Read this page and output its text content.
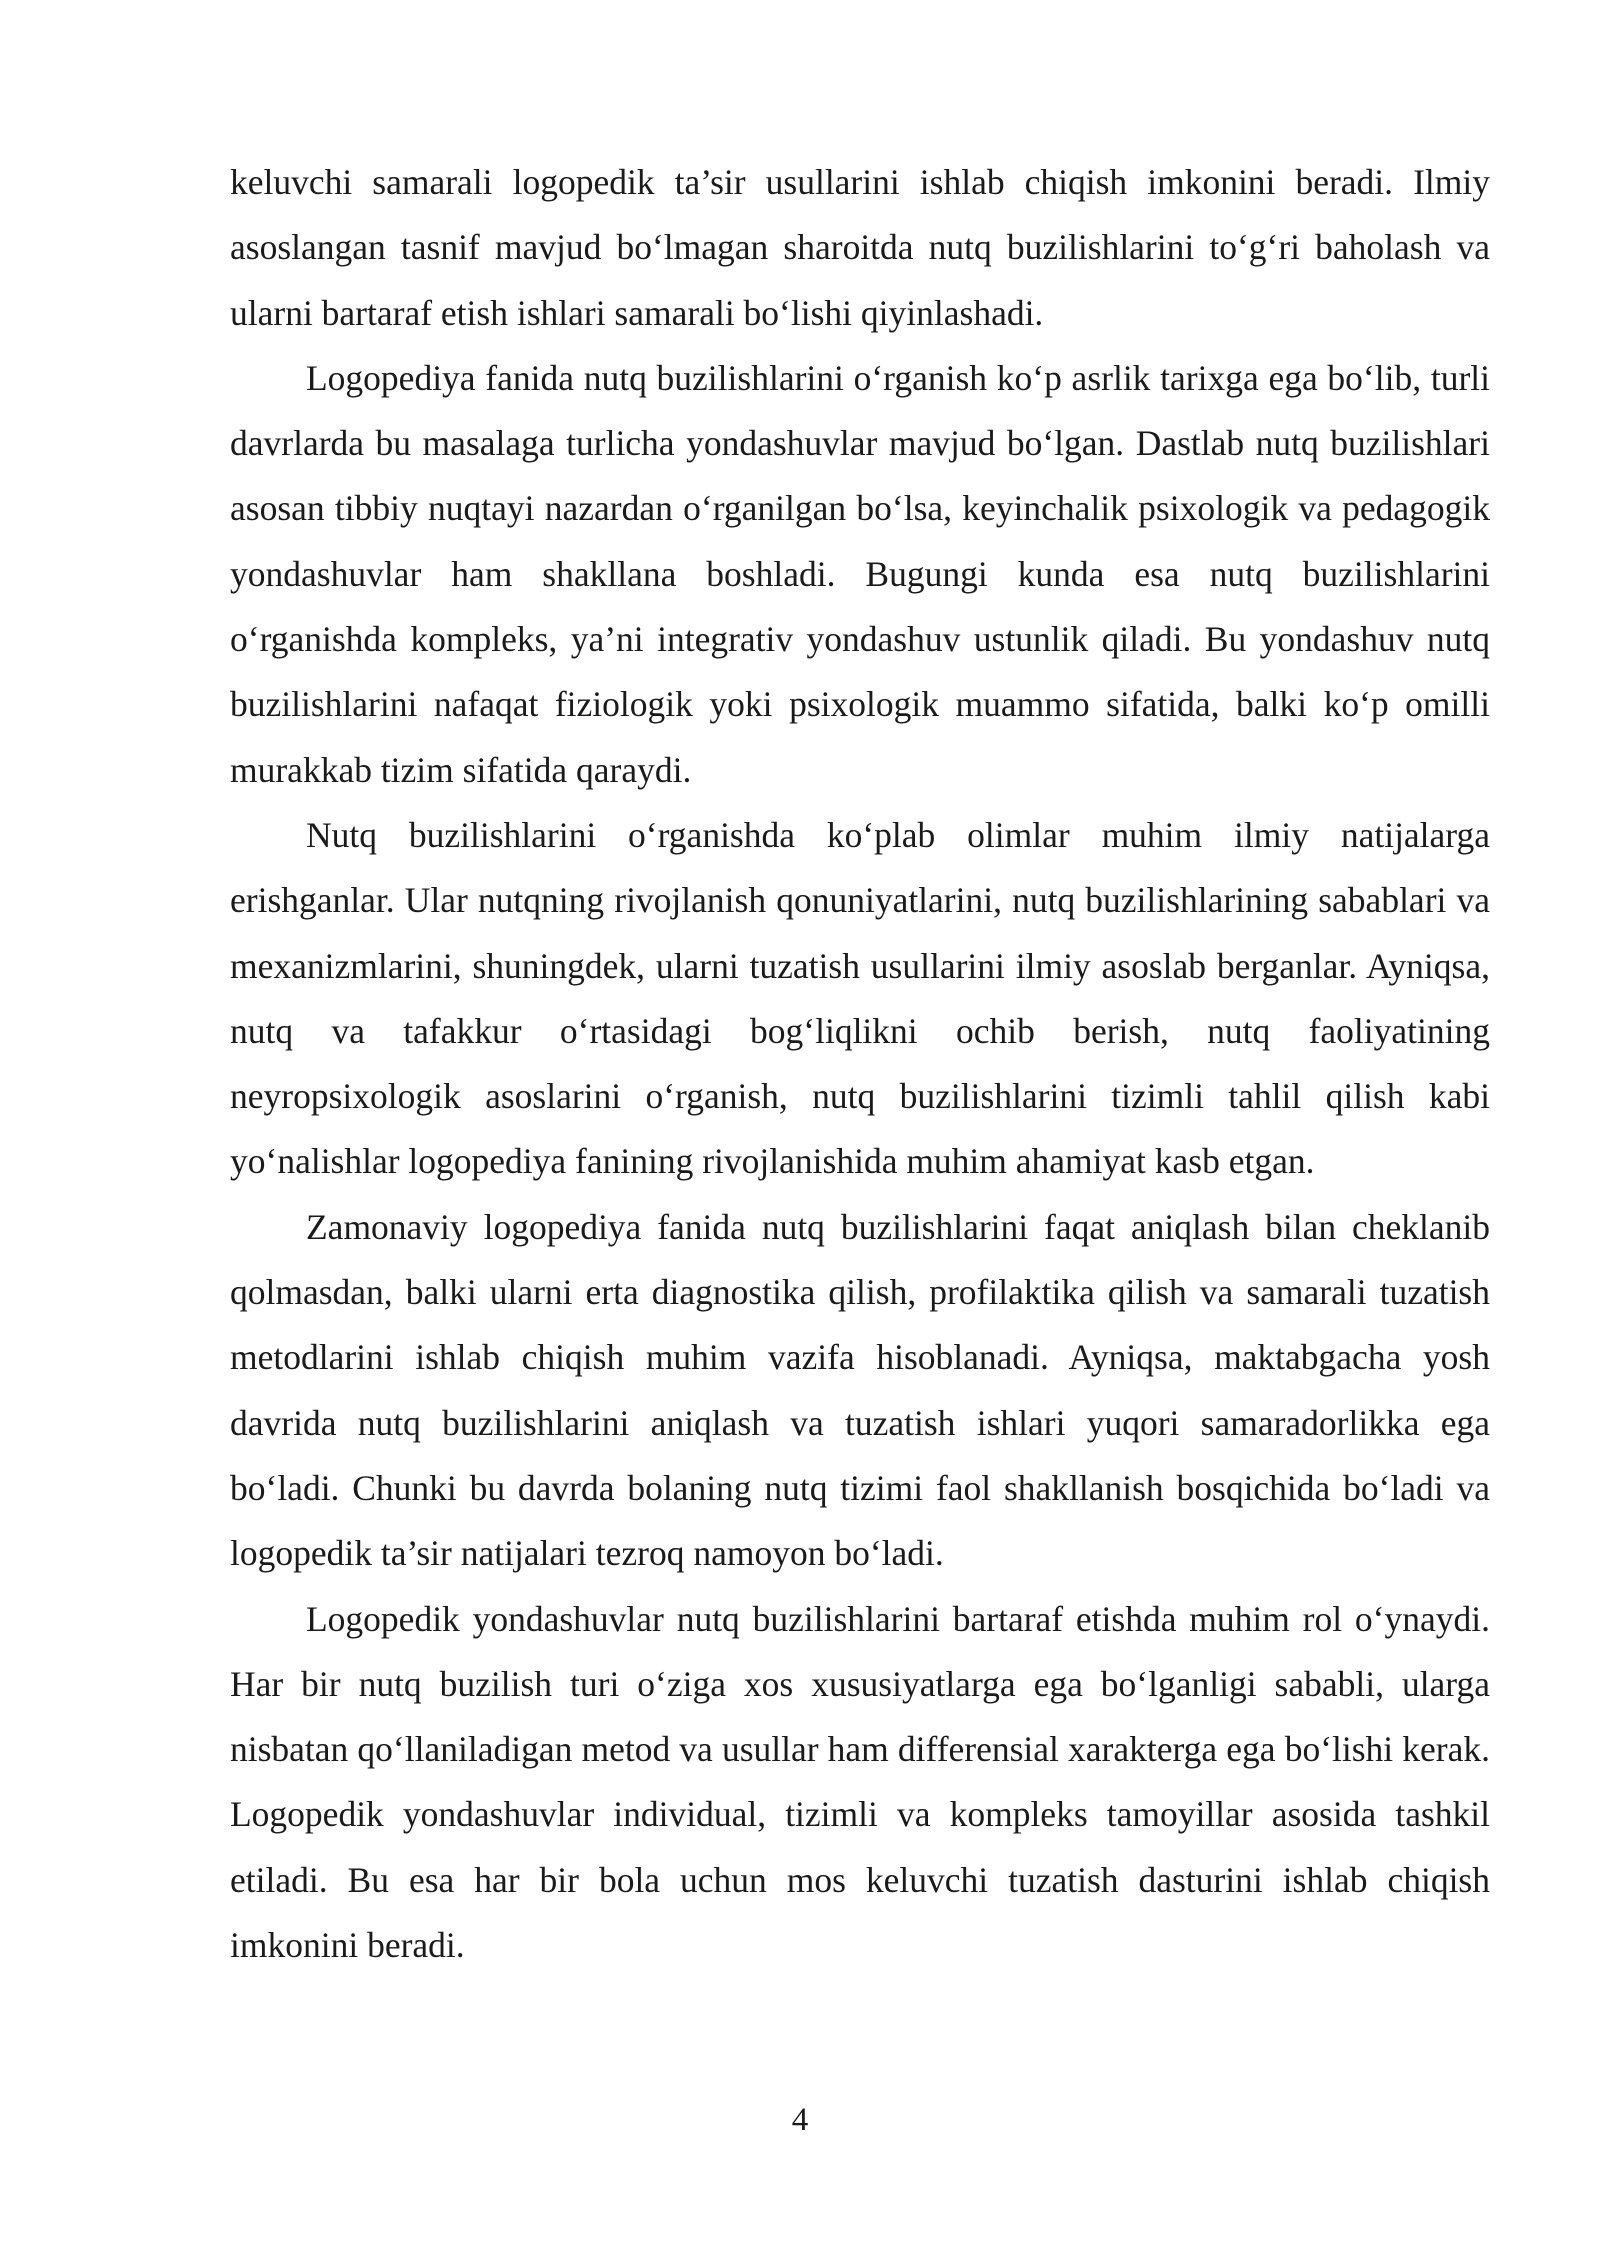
keluvchi samarali logopedik ta’sir usullarini ishlab chiqish imkonini beradi. Ilmiy asoslangan tasnif mavjud bo‘lmagan sharoitda nutq buzilishlarini to‘g‘ri baholash va ularni bartaraf etish ishlari samarali bo‘lishi qiyinlashadi.

Logopediya fanida nutq buzilishlarini o‘rganish ko‘p asrlik tarixga ega bo‘lib, turli davrlarda bu masalaga turlicha yondashuvlar mavjud bo‘lgan. Dastlab nutq buzilishlari asosan tibbiy nuqtayi nazardan o‘rganilgan bo‘lsa, keyinchalik psixologik va pedagogik yondashuvlar ham shakllana boshladi. Bugungi kunda esa nutq buzilishlarini o‘rganishda kompleks, ya’ni integrativ yondashuv ustunlik qiladi. Bu yondashuv nutq buzilishlarini nafaqat fiziologik yoki psixologik muammo sifatida, balki ko‘p omilli murakkab tizim sifatida qaraydi.

Nutq buzilishlarini o‘rganishda ko‘plab olimlar muhim ilmiy natijalarga erishganlar. Ular nutqning rivojlanish qonuniyatlarini, nutq buzilishlarining sabablari va mexanizmlarini, shuningdek, ularni tuzatish usullarini ilmiy asoslab berganlar. Ayniqsa, nutq va tafakkur o‘rtasidagi bog‘liqlikni ochib berish, nutq faoliyatining neyropsixologik asoslarini o‘rganish, nutq buzilishlarini tizimli tahlil qilish kabi yo‘nalishlar logopediya fanining rivojlanishida muhim ahamiyat kasb etgan.

Zamonaviy logopediya fanida nutq buzilishlarini faqat aniqlash bilan cheklanib qolmasdan, balki ularni erta diagnostika qilish, profilaktika qilish va samarali tuzatish metodlarini ishlab chiqish muhim vazifa hisoblanadi. Ayniqsa, maktabgacha yosh davrida nutq buzilishlarini aniqlash va tuzatish ishlari yuqori samaradorlikka ega bo‘ladi. Chunki bu davrda bolaning nutq tizimi faol shakllanish bosqichida bo‘ladi va logopedik ta’sir natijalari tezroq namoyon bo‘ladi.

Logopedik yondashuvlar nutq buzilishlarini bartaraf etishda muhim rol o‘ynaydi. Har bir nutq buzilish turi o‘ziga xos xususiyatlarga ega bo‘lganligi sababli, ularga nisbatan qo‘llaniladigan metod va usullar ham differensial xarakterga ega bo‘lishi kerak. Logopedik yondashuvlar individual, tizimli va kompleks tamoyillar asosida tashkil etiladi. Bu esa har bir bola uchun mos keluvchi tuzatish dasturini ishlab chiqish imkonini beradi.

4
